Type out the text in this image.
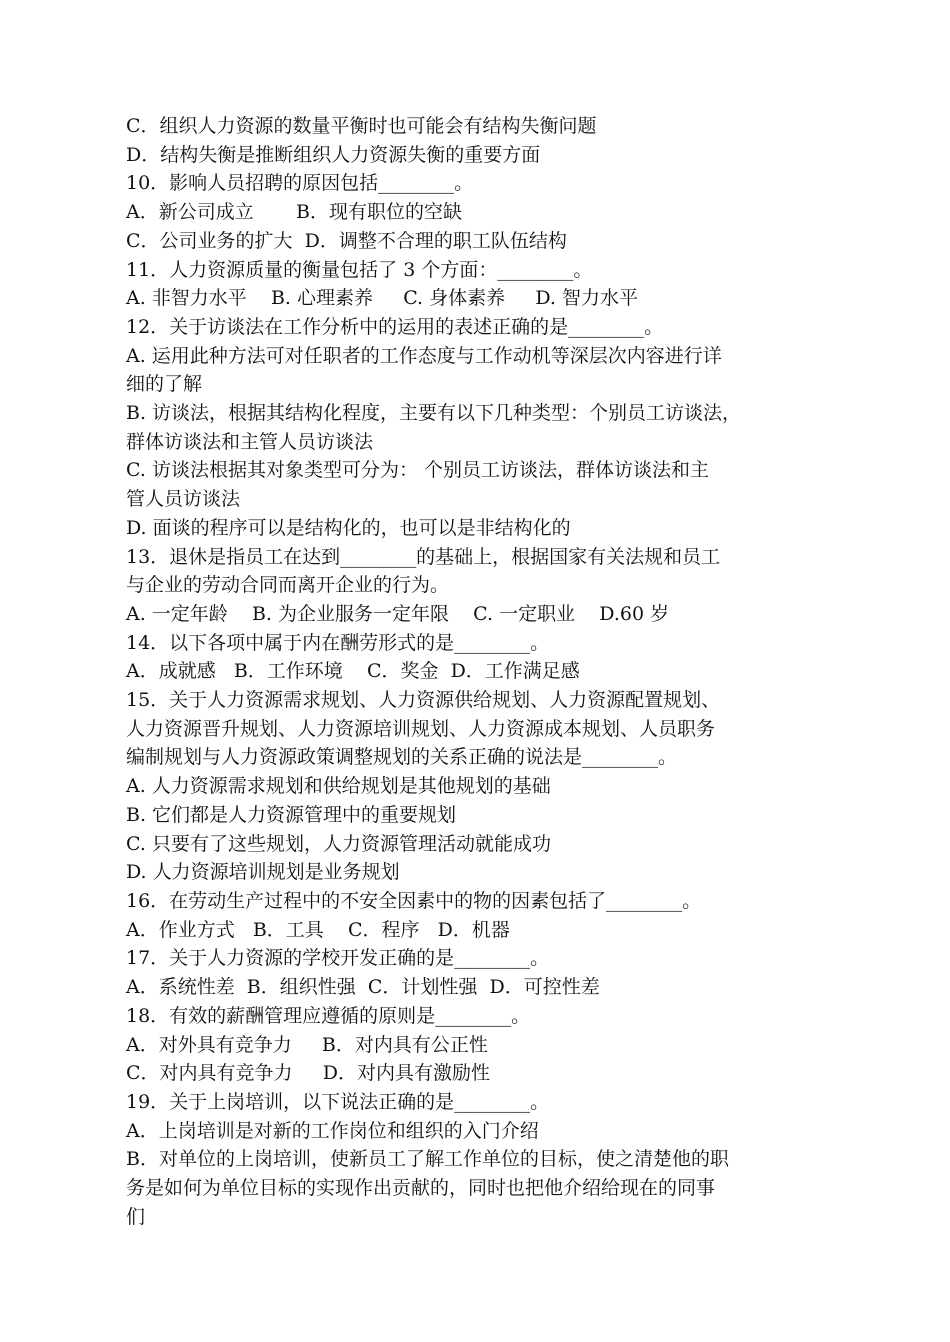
C．组织人力资源的数量平衡时也可能会有结构失衡问题
D．结构失衡是推断组织人力资源失衡的重要方面
10．影响人员招聘的原因包括________。
A．新公司成立       B．现有职位的空缺
C．公司业务的扩大  D．调整不合理的职工队伍结构
11．人力资源质量的衡量包括了 3 个方面：________。
A. 非智力水平    B. 心理素养     C. 身体素养     D. 智力水平
12．关于访谈法在工作分析中的运用的表述正确的是________。
A. 运用此种方法可对任职者的工作态度与工作动机等深层次内容进行详
细的了解
B. 访谈法，根据其结构化程度，主要有以下几种类型：个别员工访谈法，
群体访谈法和主管人员访谈法
C. 访谈法根据其对象类型可分为： 个别员工访谈法，群体访谈法和主
管人员访谈法
D. 面谈的程序可以是结构化的，也可以是非结构化的
13．退休是指员工在达到________的基础上，根据国家有关法规和员工
与企业的劳动合同而离开企业的行为。
A. 一定年龄    B. 为企业服务一定年限    C. 一定职业    D.60 岁
14．以下各项中属于内在酬劳形式的是________。
A．成就感   B．工作环境    C．奖金  D．工作满足感
15．关于人力资源需求规划、人力资源供给规划、人力资源配置规划、
人力资源晋升规划、人力资源培训规划、人力资源成本规划、人员职务
编制规划与人力资源政策调整规划的关系正确的说法是________。
A. 人力资源需求规划和供给规划是其他规划的基础
B. 它们都是人力资源管理中的重要规划
C. 只要有了这些规划，人力资源管理活动就能成功
D. 人力资源培训规划是业务规划
16．在劳动生产过程中的不安全因素中的物的因素包括了________。
A．作业方式   B．工具    C．程序   D．机器
17．关于人力资源的学校开发正确的是________。
A．系统性差  B．组织性强  C．计划性强  D．可控性差
18．有效的薪酬管理应遵循的原则是________。
A．对外具有竞争力     B．对内具有公正性
C．对内具有竞争力     D．对内具有激励性
19．关于上岗培训，以下说法正确的是________。
A．上岗培训是对新的工作岗位和组织的入门介绍
B．对单位的上岗培训，使新员工了解工作单位的目标，使之清楚他的职
务是如何为单位目标的实现作出贡献的，同时也把他介绍给现在的同事
们
